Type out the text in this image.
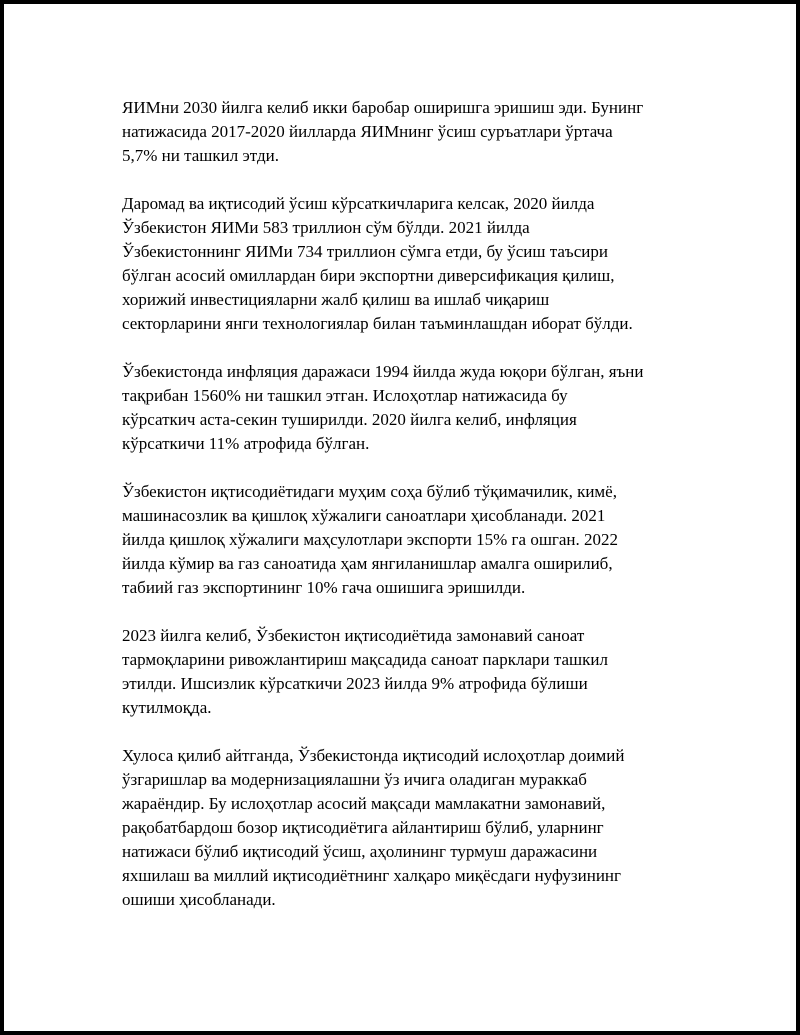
ЯИМни 2030 йилга келиб икки баробар оширишга эришиш эди. Бунинг
натижасида 2017-2020 йилларда ЯИМнинг ўсиш суръатлари ўртача
5,7% ни ташкил этди.

Даромад ва иқтисодий ўсиш кўрсаткичларига келсак, 2020 йилда
Ўзбекистон ЯИМи 583 триллион сўм бўлди. 2021 йилда
Ўзбекистоннинг ЯИМи 734 триллион сўмга етди, бу ўсиш таъсири
бўлган асосий омиллардан бири экспортни диверсификация қилиш,
хорижий инвестицияларни жалб қилиш ва ишлаб чиқариш
секторларини янги технологиялар билан таъминлашдан иборат бўлди.

Ўзбекистонда инфляция даражаси 1994 йилда жуда юқори бўлган, яъни
тақрибан 1560% ни ташкил этган. Ислоҳотлар натижасида бу
кўрсаткич аста-секин туширилди. 2020 йилга келиб, инфляция
кўрсаткичи 11% атрофида бўлган.

Ўзбекистон иқтисодиётидаги муҳим соҳа бўлиб тўқимачилик, кимё,
машинасозлик ва қишлоқ хўжалиги саноатлари ҳисобланади. 2021
йилда қишлоқ хўжалиги маҳсулотлари экспорти 15% га ошган. 2022
йилда кўмир ва газ саноатида ҳам янгиланишлар амалга оширилиб,
табиий газ экспортининг 10% гача ошишига эришилди.

2023 йилга келиб, Ўзбекистон иқтисодиётида замонавий саноат
тармоқларини ривожлантириш мақсадида саноат парклари ташкил
этилди. Ишсизлик кўрсаткичи 2023 йилда 9% атрофида бўлиши
кутилмоқда.

Хулоса қилиб айтганда, Ўзбекистонда иқтисодий ислоҳотлар доимий
ўзгаришлар ва модернизациялашни ўз ичига оладиган мураккаб
жараёндир. Бу ислоҳотлар асосий мақсади мамлакатни замонавий,
рақобатбардош бозор иқтисодиётига айлантириш бўлиб, уларнинг
натижаси бўлиб иқтисодий ўсиш, аҳолининг турмуш даражасини
яхшилаш ва миллий иқтисодиётнинг халқаро миқёсдаги нуфузининг
ошиши ҳисобланади.
